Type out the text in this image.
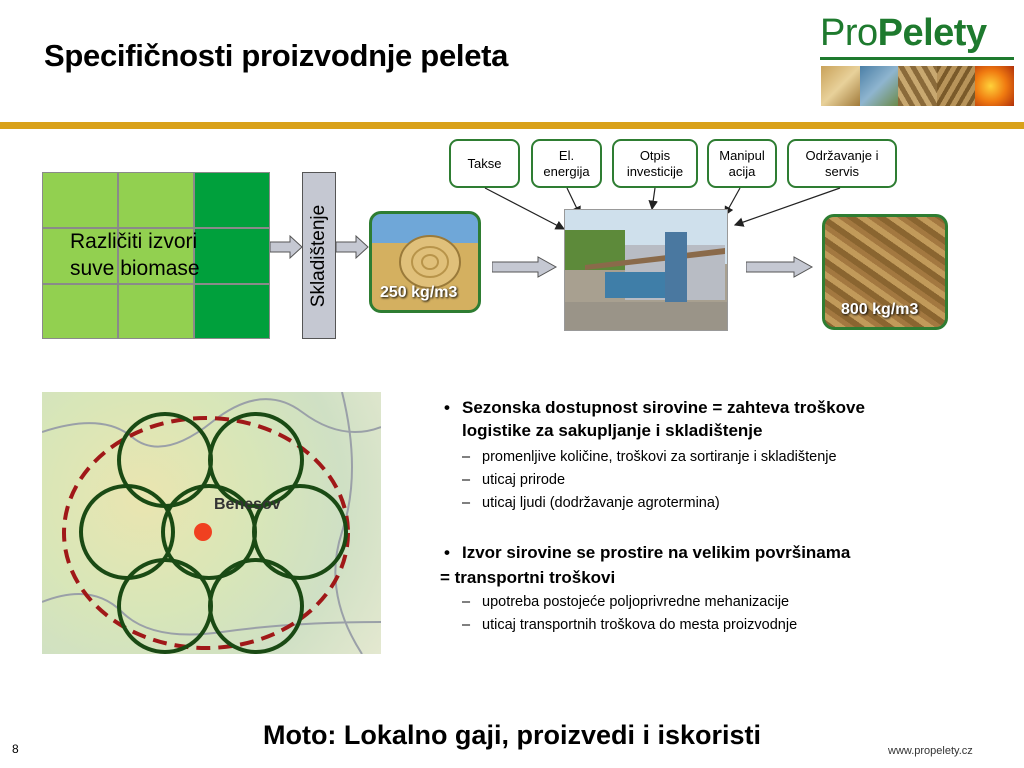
Specifičnosti proizvodnje peleta
ProPelety
Različiti izvori
suve biomase	Skladištenje	250 kg/m3
Takse
El.
energija
Otpis
investicije
Manipul
acija
Održavanje i
servis
800 kg/m3
Benesov
• Sezonska dostupnost sirovine = zahteva troškove
logistike za sakupljanje i skladištenje
– promenljive količine, troškovi za sortiranje i skladištenje
– uticaj prirode
– uticaj ljudi (dodržavanje agrotermina)
• Izvor sirovine se prostire na velikim površinama
= transportni troškovi
– upotreba postojeće poljoprivredne mehanizacije
– uticaj transportnih troškova do mesta proizvodnje
Moto: Lokalno gaji, proizvedi i iskoristi
8	www.propelety.cz
